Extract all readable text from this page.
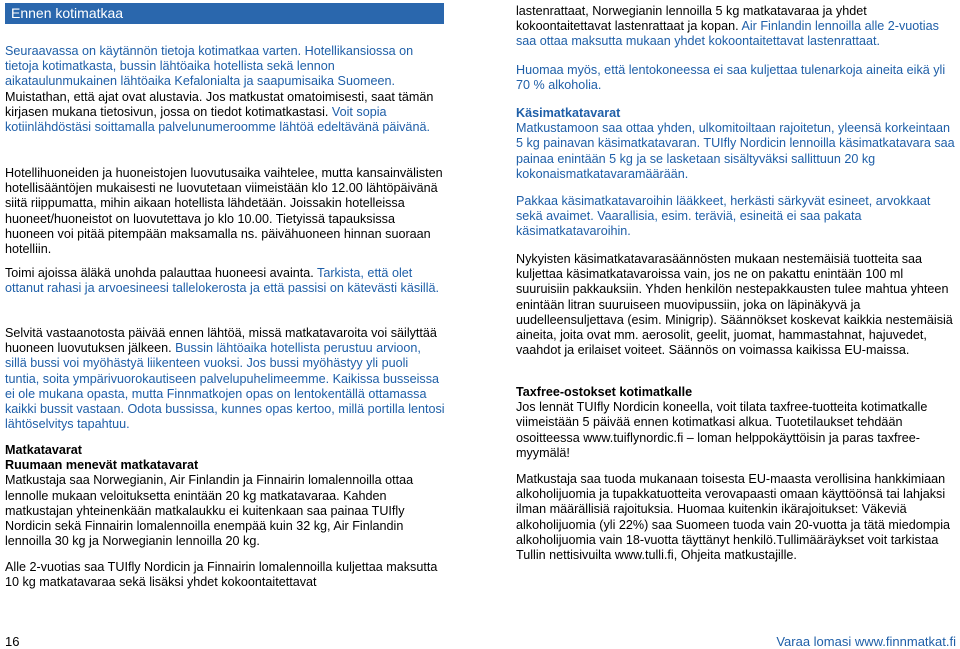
Ennen kotimatkaa

Seuraavassa on käytännön tietoja kotimatkaa varten. Hotellikansiossa on tietoja kotimatkasta, bussin lähtöaika hotellista sekä lennon aikataulunmukainen lähtöaika Kefalonialta ja saapumisaika Suomeen. Muistathan, että ajat ovat alustavia. Jos matkustat omatoimisesti, saat tämän kirjasen mukana tietosivun, jossa on tiedot kotimatkastasi. Voit sopia kotiinlähdöstäsi soittamalla palvelunumeroomme lähtöä edeltävänä päivänä.

Hotellihuoneiden ja huoneistojen luovutusaika vaihtelee, mutta kansainvälisten hotellisääntöjen mukaisesti ne luovutetaan viimeistään klo 12.00 lähtöpäivänä siitä riippumatta, mihin aikaan hotellista lähdetään. Joissakin hotelleissa huoneet/huoneistot on luovutettava jo klo 10.00. Tietyissä tapauksissa huoneen voi pitää pitempään maksamalla ns. päivähuoneen hinnan suoraan hotelliin.

Toimi ajoissa äläkä unohda palauttaa huoneesi avainta. Tarkista, että olet ottanut rahasi ja arvoesineesi tallelokerosta ja että passisi on kätevästi käsillä.

Selvitä vastaanotosta päivää ennen lähtöä, missä matkatavaroita voi säilyttää huoneen luovutuksen jälkeen. Bussin lähtöaika hotellista perustuu arvioon, sillä bussi voi myöhästyä liikenteen vuoksi. Jos bussi myöhästyy yli puoli tuntia, soita ympärivuorokautiseen palvelupuhelimeemme. Kaikissa busseissa ei ole mukana opasta, mutta Finnmatkojen opas on lentokentällä ottamassa kaikki bussit vastaan. Odota bussissa, kunnes opas kertoo, millä portilla lentosi lähtöselvitys tapahtuu.

Matkatavarat

Ruumaan menevät matkatavarat

Matkustaja saa Norwegianin, Air Finlandin ja Finnairin lomalennoilla ottaa lennolle mukaan veloituksetta enintään 20 kg matkatavaraa. Kahden matkustajan yhteinenkään matkalaukku ei kuitenkaan saa painaa TUIfly Nordicin sekä Finnairin lomalennoilla enempää kuin 32 kg, Air Finlandin lennoilla 30 kg ja Norwegianin lennoilla 20 kg.

Alle 2-vuotias saa TUIfly Nordicin ja Finnairin lomalennoilla kuljettaa maksutta 10 kg matkatavaraa sekä lisäksi yhdet kokoontaitettavat

lastenrattaat, Norwegianin lennoilla 5 kg matkatavaraa ja yhdet kokoontaitettavat lastenrattaat ja kopan. Air Finlandin lennoilla alle 2-vuotias saa ottaa maksutta mukaan yhdet kokoontaitettavat lastenrattaat.

Huomaa myös, että lentokoneessa ei saa kuljettaa tulenarkoja aineita eikä yli 70 % alkoholia.

Käsimatkatavarat

Matkustamoon saa ottaa yhden, ulkomitoiltaan rajoitetun, yleensä korkeintaan 5 kg painavan käsimatkatavaran. TUIfly Nordicin lennoilla käsimatkatavara saa painaa enintään 5 kg ja se lasketaan sisältyväksi sallittuun 20 kg kokonaismatkatavaramäärään.

Pakkaa käsimatkatavaroihin lääkkeet, herkästi särkyvät esineet, arvokkaat sekä avaimet. Vaarallisia, esim. teräviä, esineitä ei saa pakata käsimatkatavaroihin.

Nykyisten käsimatkatavarasäännösten mukaan nestemäisiä tuotteita saa kuljettaa käsimatkatavaroissa vain, jos ne on pakattu enintään 100 ml suuruisiin pakkauksiin. Yhden henkilön nestepakkausten tulee mahtua yhteen enintään litran suuruiseen muovipussiin, joka on läpinäkyvä ja uudelleensuljettava (esim. Minigrip). Säännökset koskevat kaikkia nestemäisiä aineita, joita ovat mm. aerosolit, geelit, juomat, hammastahnat, hajuvedet, vaahdot ja erilaiset voiteet. Säännös on voimassa kaikissa EU-maissa.

Taxfree-ostokset kotimatkalle

Jos lennät TUIfly Nordicin koneella, voit tilata taxfree-tuotteita kotimatkalle viimeistään 5 päivää ennen kotimatkasi alkua. Tuotetilaukset tehdään osoitteessa www.tuiflynordic.fi – loman helppokäyttöisin ja paras taxfree-myymälä!

Matkustaja saa tuoda mukanaan toisesta EU-maasta verollisina hankkimiaan alkoholijuomia ja tupakkatuotteita verovapaasti omaan käyttöönsä tai lahjaksi ilman määrällisiä rajoituksia. Huomaa kuitenkin ikärajoitukset: Väkeviä alkoholijuomia (yli 22%) saa Suomeen tuoda vain 20-vuotta ja tätä miedompia alkoholijuomia vain 18-vuotta täyttänyt henkilö.Tullimääräykset voit tarkistaa Tullin nettisivuilta www.tulli.fi, Ohjeita matkustajille.

16	Varaa lomasi www.finnmatkat.fi
